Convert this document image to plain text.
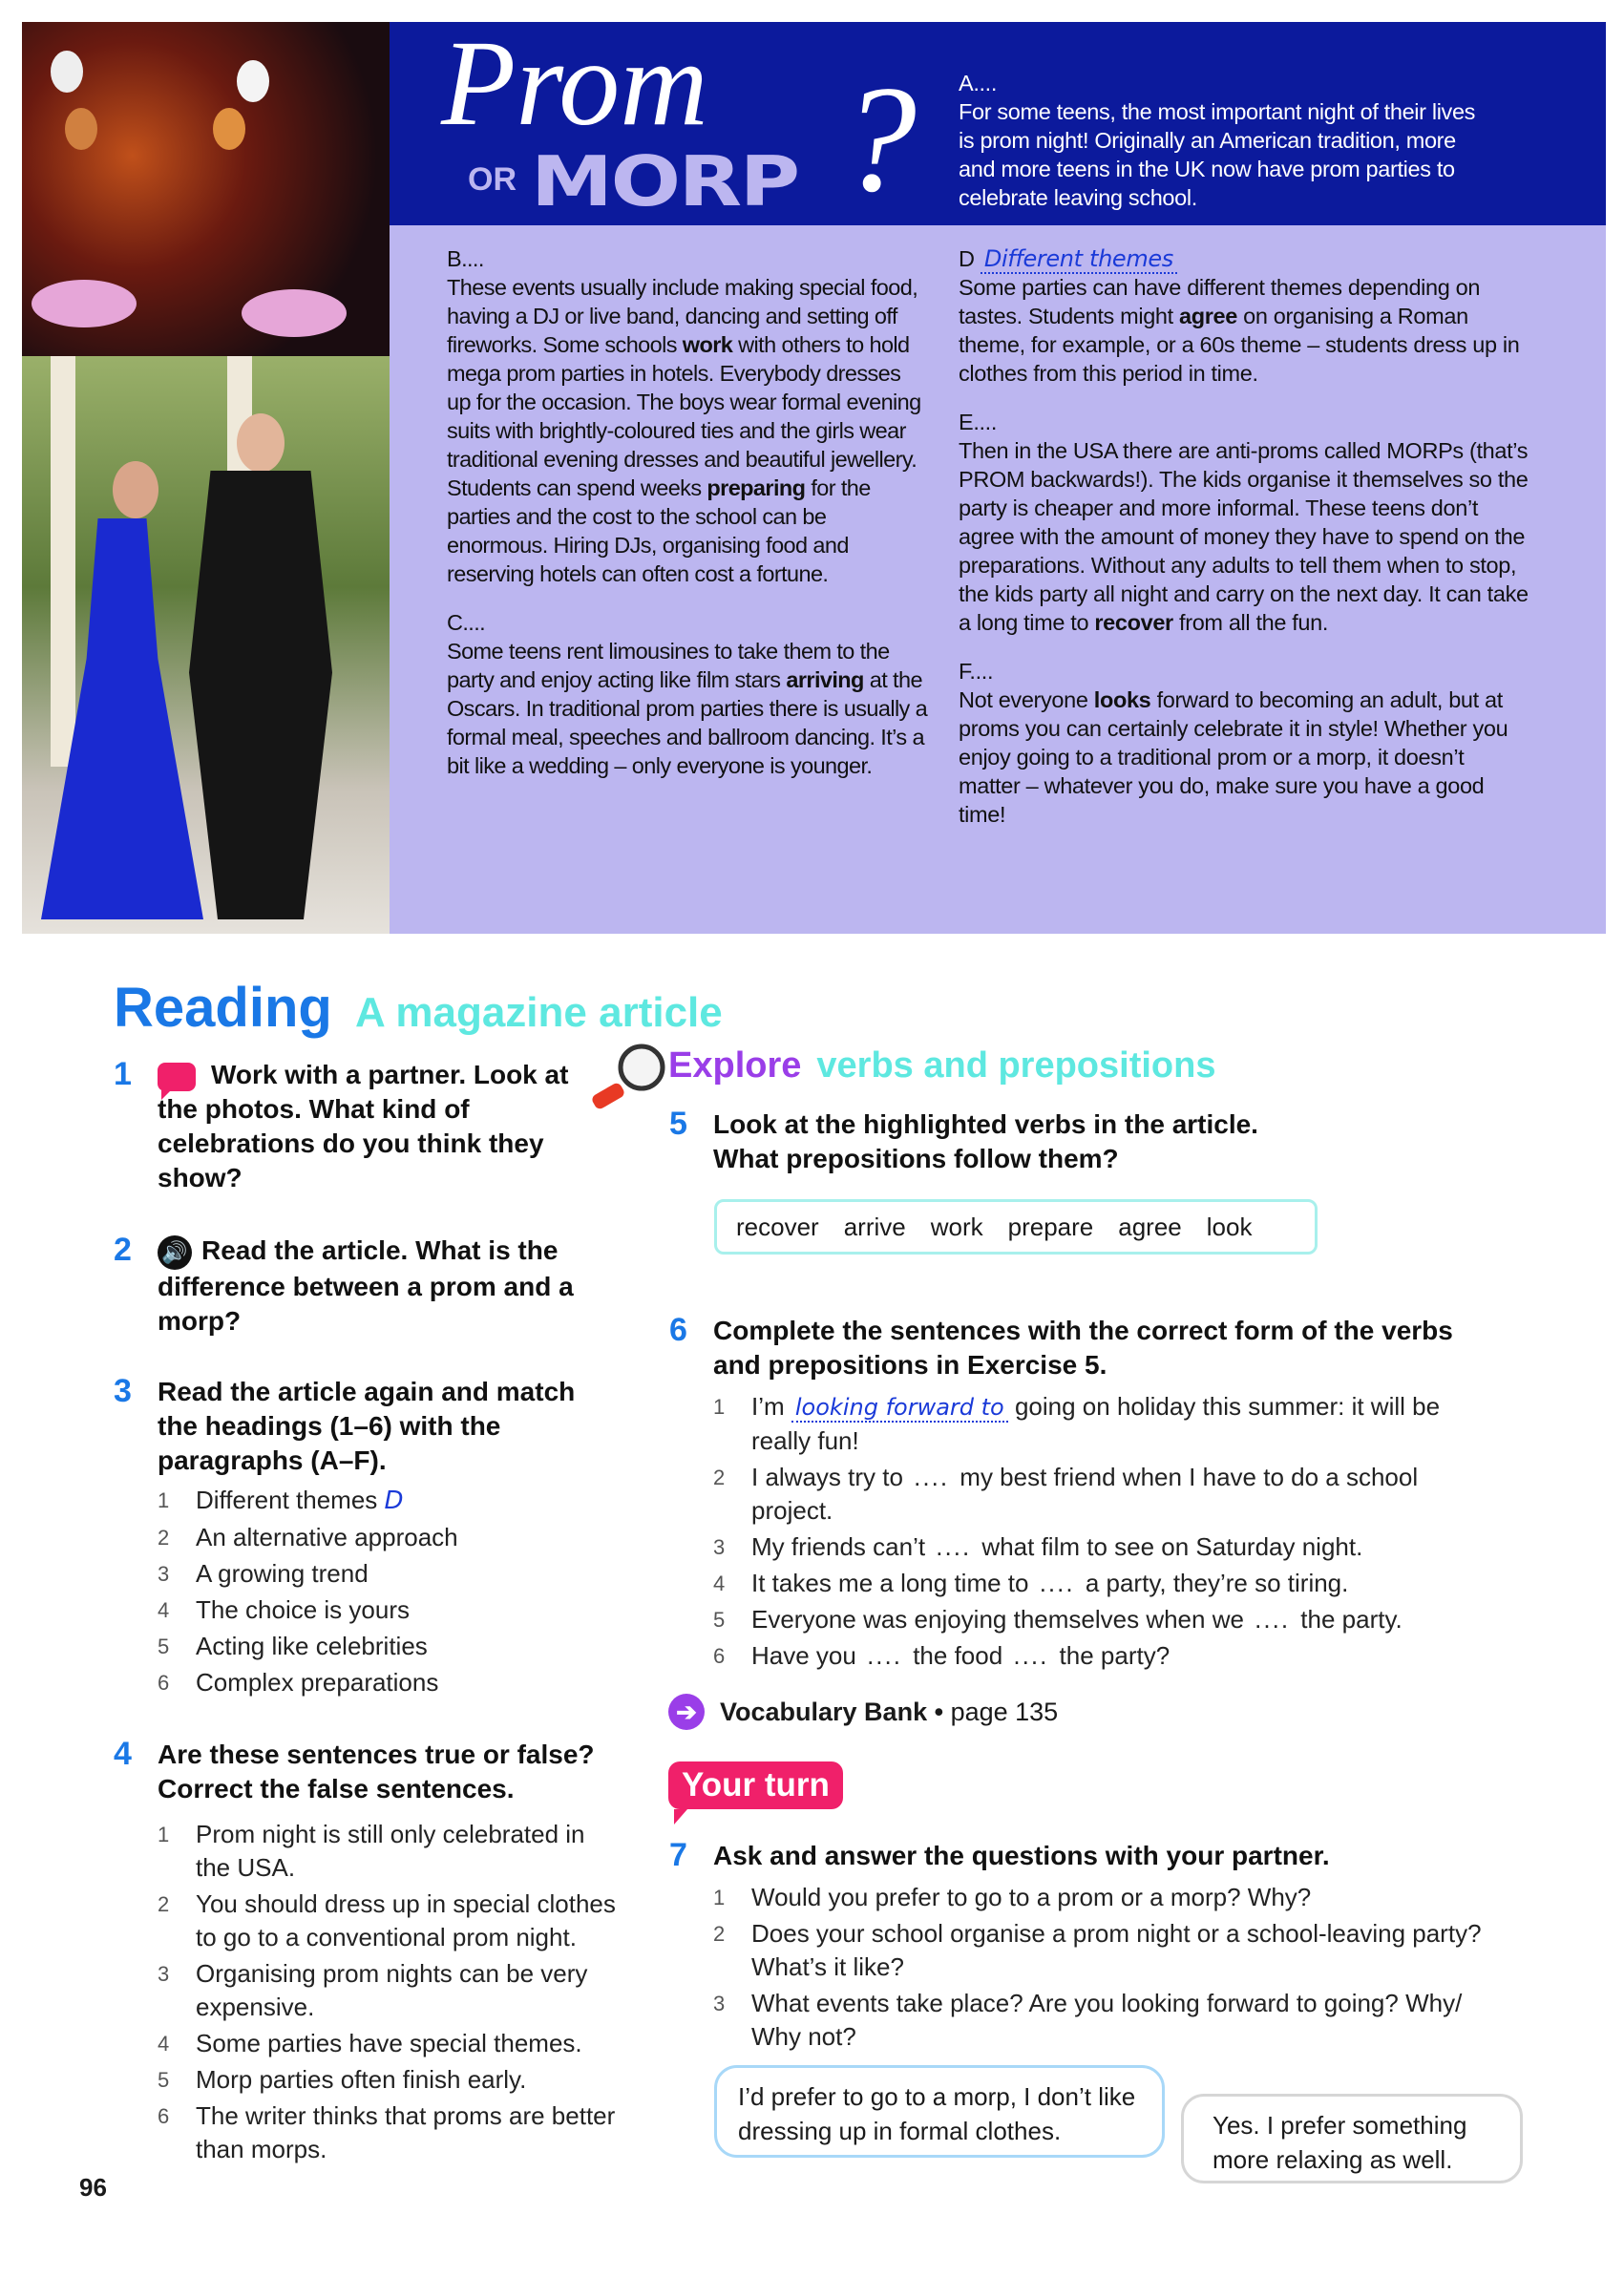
Prom
OR MORP ? A....
For some teens, the most important night of their lives is prom night! Originally an American tradition, more and more teens in the UK now have prom parties to celebrate leaving school.

B....
These events usually include making special food, having a DJ or live band, dancing and setting off fireworks. Some schools work with others to hold mega prom parties in hotels. Everybody dresses up for the occasion. The boys wear formal evening suits with brightly-coloured ties and the girls wear traditional evening dresses and beautiful jewellery. Students can spend weeks preparing for the parties and the cost to the school can be enormous. Hiring DJs, organising food and reserving hotels can often cost a fortune.

C....
Some teens rent limousines to take them to the party and enjoy acting like film stars arriving at the Oscars. In traditional prom parties there is usually a formal meal, speeches and ballroom dancing. It’s a bit like a wedding – only everyone is younger.

D Different themes
Some parties can have different themes depending on tastes. Students might agree on organising a Roman theme, for example, or a 60s theme – students dress up in clothes from this period in time.

E....
Then in the USA there are anti-proms called MORPs (that’s PROM backwards!). The kids organise it themselves so the party is cheaper and more informal. These teens don’t agree with the amount of money they have to spend on the preparations. Without any adults to tell them when to stop, the kids party all night and carry on the next day. It can take a long time to recover from all the fun.

F....
Not everyone looks forward to becoming an adult, but at proms you can certainly celebrate it in style! Whether you enjoy going to a traditional prom or a morp, it doesn’t matter – whatever you do, make sure you have a good time!

Reading A magazine article
1	Work with a partner. Look at the photos. What kind of celebrations do you think they show?
2 🔊 Read the article. What is the difference between a prom and a morp?
3 Read the article again and match the headings (1–6) with the paragraphs (A–F).
1 Different themes D
2 An alternative approach
3 A growing trend
4 The choice is yours
5 Acting like celebrities
6 Complex preparations
4 Are these sentences true or false? Correct the false sentences.
1 Prom night is still only celebrated in the USA.
2 You should dress up in special clothes to go to a conventional prom night.
3 Organising prom nights can be very expensive.
4 Some parties have special themes.
5 Morp parties often finish early.
6 The writer thinks that proms are better than morps.
Explore verbs and prepositions
5 Look at the highlighted verbs in the article. What prepositions follow them?
recover arrive work prepare agree look
6 Complete the sentences with the correct form of the verbs and prepositions in Exercise 5.
1 I’m looking forward to going on holiday this summer: it will be really fun!
2 I always try to .... my best friend when I have to do a school project.
3 My friends can’t .... what film to see on Saturday night.
4 It takes me a long time to .... a party, they’re so tiring.
5 Everyone was enjoying themselves when we .... the party.
6 Have you .... the food .... the party?
➔ Vocabulary Bank • page 135
Your turn
7 Ask and answer the questions with your partner.
1 Would you prefer to go to a prom or a morp? Why?
2 Does your school organise a prom night or a school-leaving party? What’s it like?
3 What events take place? Are you looking forward to going? Why/ Why not?
I’d prefer to go to a morp, I don’t like dressing up in formal clothes.	Yes. I prefer something more relaxing as well.
96
